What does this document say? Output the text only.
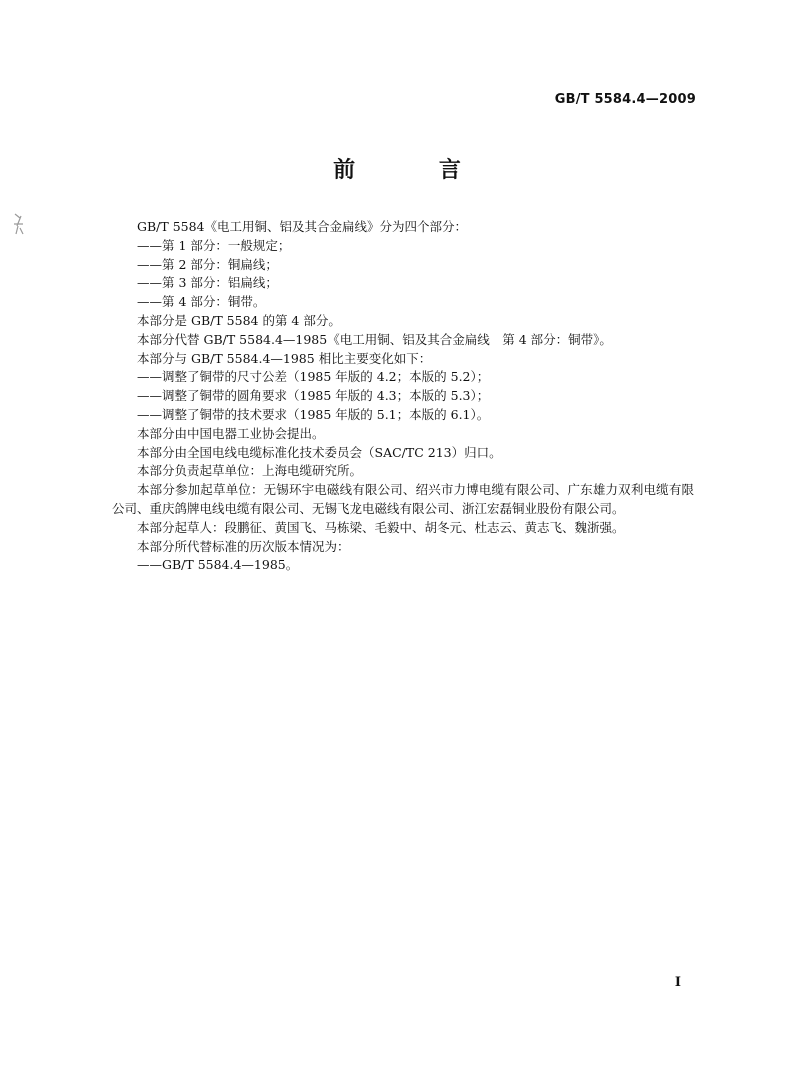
GB/T 5584.4—2009
前 言

GB/T 5584《电工用铜、铝及其合金扁线》分为四个部分：

——第 1 部分：一般规定；

——第 2 部分：铜扁线；

——第 3 部分：铝扁线；

——第 4 部分：铜带。

本部分是 GB/T 5584 的第 4 部分。

本部分代替 GB/T 5584.4—1985《电工用铜、铝及其合金扁线　第 4 部分：铜带》。

本部分与 GB/T 5584.4—1985 相比主要变化如下：

——调整了铜带的尺寸公差（1985 年版的 4.2；本版的 5.2）；

——调整了铜带的圆角要求（1985 年版的 4.3；本版的 5.3）；

——调整了铜带的技术要求（1985 年版的 5.1；本版的 6.1）。

本部分由中国电器工业协会提出。

本部分由全国电线电缆标准化技术委员会（SAC/TC 213）归口。

本部分负责起草单位：上海电缆研究所。

本部分参加起草单位：无锡环宇电磁线有限公司、绍兴市力博电缆有限公司、广东雄力双利电缆有限公司、重庆鸽牌电线电缆有限公司、无锡飞龙电磁线有限公司、浙江宏磊铜业股份有限公司。

本部分起草人：段鹏征、黄国飞、马栋梁、毛毅中、胡冬元、杜志云、黄志飞、魏浙强。

本部分所代替标准的历次版本情况为：

——GB/T 5584.4—1985。

I
